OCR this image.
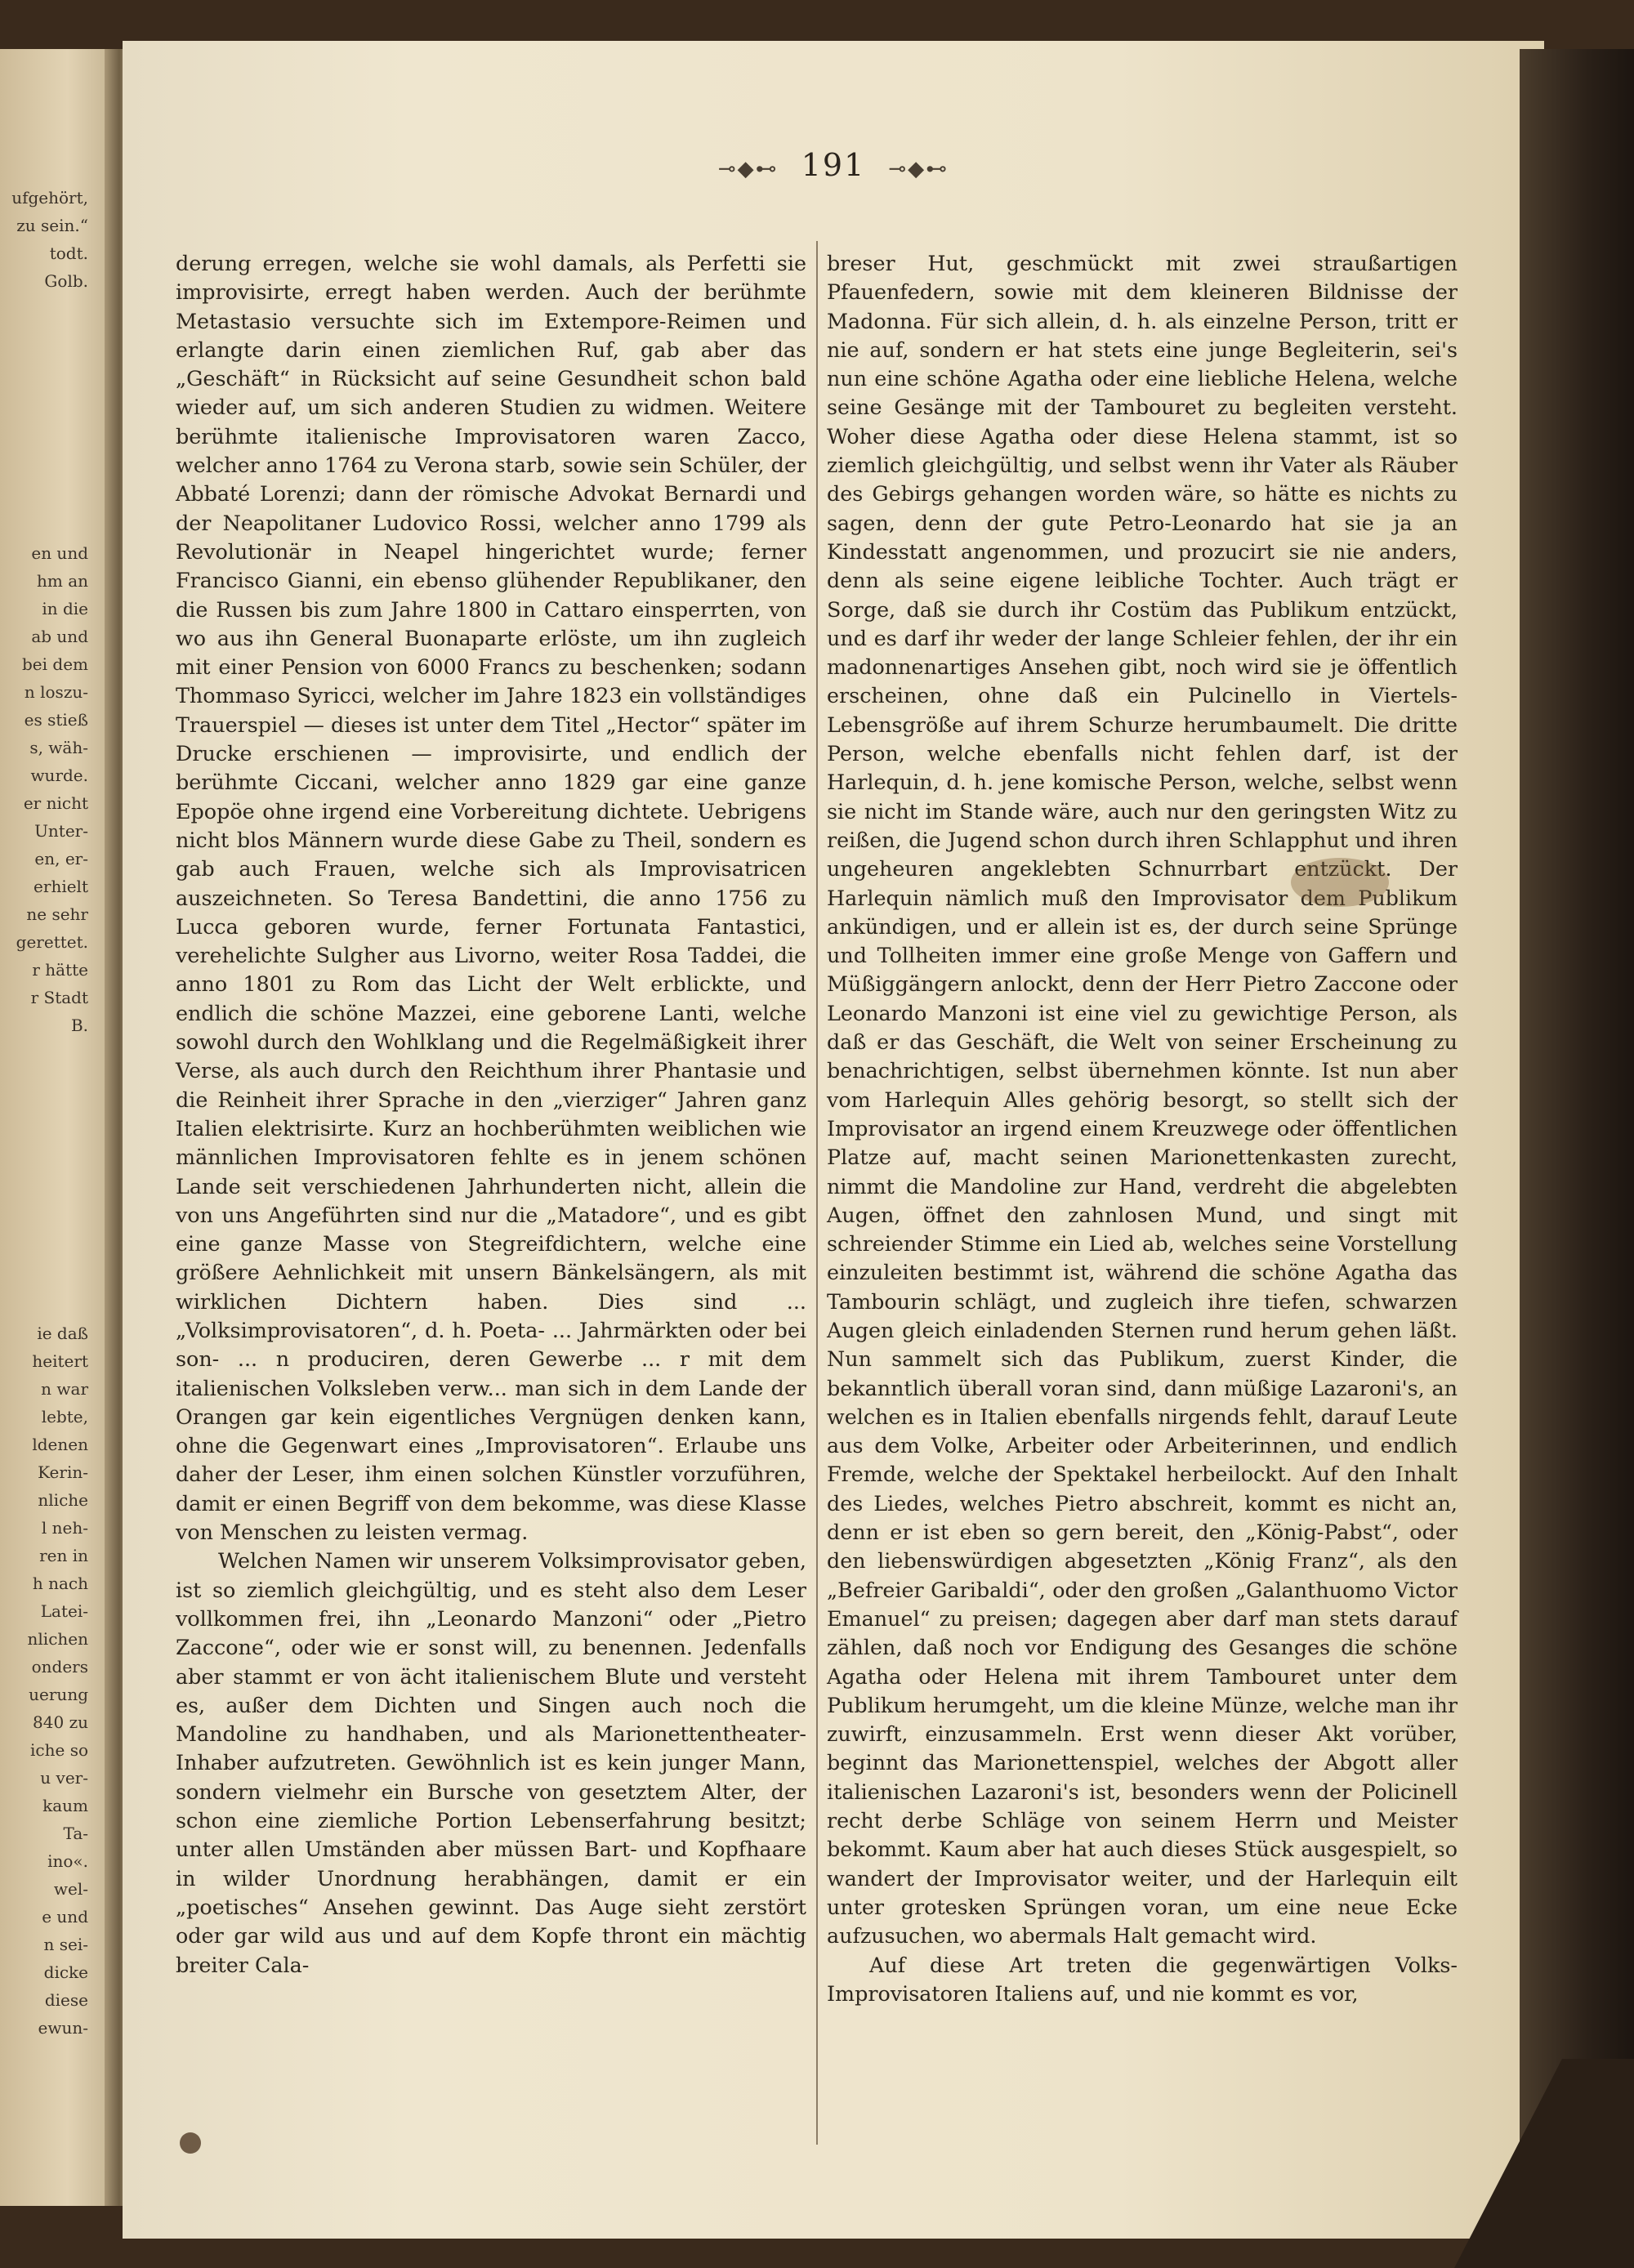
ufgehört,
zu sein.“
todt.
Golb.
en und
hm an
in die
ab und
bei dem
n loszu-
es stieß
s, wäh-
wurde.
er nicht
Unter-
en, er-
erhielt
ne sehr
gerettet.
r hätte
r Stadt
B.
ie daß
heitert
n war
lebte,
ldenen
Kerin-
nliche
l neh-
ren in
h nach
Latei-
nlichen
onders
uerung
840 zu
iche so
u ver-
kaum
Ta-
ino«.
wel-
e und
n sei-
dicke
diese
ewun-
⊸◆⊷ 191 ⊸◆⊷

derung erregen, welche sie wohl damals, als Perfetti sie improvisirte, erregt haben werden. Auch der berühmte Metastasio versuchte sich im Extempore-Reimen und erlangte darin einen ziemlichen Ruf, gab aber das „Geschäft“ in Rücksicht auf seine Gesundheit schon bald wieder auf, um sich anderen Studien zu widmen. Weitere berühmte italienische Improvisatoren waren Zacco, welcher anno 1764 zu Verona starb, sowie sein Schüler, der Abbaté Lorenzi; dann der römische Advokat Bernardi und der Neapolitaner Ludovico Rossi, welcher anno 1799 als Revolutionär in Neapel hingerichtet wurde; ferner Francisco Gianni, ein ebenso glühender Republikaner, den die Russen bis zum Jahre 1800 in Cattaro einsperrten, von wo aus ihn General Buonaparte erlöste, um ihn zugleich mit einer Pension von 6000 Francs zu beschenken; sodann Thommaso Syricci, welcher im Jahre 1823 ein vollständiges Trauerspiel — dieses ist unter dem Titel „Hector“ später im Drucke erschienen — improvisirte, und endlich der berühmte Ciccani, welcher anno 1829 gar eine ganze Epopöe ohne irgend eine Vorbereitung dichtete. Uebrigens nicht blos Männern wurde diese Gabe zu Theil, sondern es gab auch Frauen, welche sich als Improvisatricen auszeichneten. So Teresa Bandettini, die anno 1756 zu Lucca geboren wurde, ferner Fortunata Fantastici, verehelichte Sulgher aus Livorno, weiter Rosa Taddei, die anno 1801 zu Rom das Licht der Welt erblickte, und endlich die schöne Mazzei, eine geborene Lanti, welche sowohl durch den Wohlklang und die Regelmäßigkeit ihrer Verse, als auch durch den Reichthum ihrer Phantasie und die Reinheit ihrer Sprache in den „vierziger“ Jahren ganz Italien elektrisirte. Kurz an hochberühmten weiblichen wie männlichen Improvisatoren fehlte es in jenem schönen Lande seit verschiedenen Jahrhunderten nicht, allein die von uns Angeführten sind nur die „Matadore“, und es gibt eine ganze Masse von Stegreifdichtern, welche eine größere Aehnlichkeit mit unsern Bänkelsängern, als mit wirklichen Dichtern haben. Dies sind ... „Volksimprovisatoren“, d. h. Poeta- ... Jahrmärkten oder bei son- ... n produciren, deren Gewerbe ... r mit dem italienischen Volksleben verw... man sich in dem Lande der Orangen gar kein eigentliches Vergnügen denken kann, ohne die Gegenwart eines „Improvisatoren“. Erlaube uns daher der Leser, ihm einen solchen Künstler vorzuführen, damit er einen Begriff von dem bekomme, was diese Klasse von Menschen zu leisten vermag.

Welchen Namen wir unserem Volksimprovisator geben, ist so ziemlich gleichgültig, und es steht also dem Leser vollkommen frei, ihn „Leonardo Manzoni“ oder „Pietro Zaccone“, oder wie er sonst will, zu benennen. Jedenfalls aber stammt er von ächt italienischem Blute und versteht es, außer dem Dichten und Singen auch noch die Mandoline zu handhaben, und als Marionettentheater-Inhaber aufzutreten. Gewöhnlich ist es kein junger Mann, sondern vielmehr ein Bursche von gesetztem Alter, der schon eine ziemliche Portion Lebenserfahrung besitzt; unter allen Umständen aber müssen Bart- und Kopfhaare in wilder Unordnung herabhängen, damit er ein „poetisches“ Ansehen gewinnt. Das Auge sieht zerstört oder gar wild aus und auf dem Kopfe thront ein mächtig breiter Cala-

breser Hut, geschmückt mit zwei straußartigen Pfauenfedern, sowie mit dem kleineren Bildnisse der Madonna. Für sich allein, d. h. als einzelne Person, tritt er nie auf, sondern er hat stets eine junge Begleiterin, sei's nun eine schöne Agatha oder eine liebliche Helena, welche seine Gesänge mit der Tambouret zu begleiten versteht. Woher diese Agatha oder diese Helena stammt, ist so ziemlich gleichgültig, und selbst wenn ihr Vater als Räuber des Gebirgs gehangen worden wäre, so hätte es nichts zu sagen, denn der gute Petro-Leonardo hat sie ja an Kindesstatt angenommen, und prozucirt sie nie anders, denn als seine eigene leibliche Tochter. Auch trägt er Sorge, daß sie durch ihr Costüm das Publikum entzückt, und es darf ihr weder der lange Schleier fehlen, der ihr ein madonnenartiges Ansehen gibt, noch wird sie je öffentlich erscheinen, ohne daß ein Pulcinello in Viertels-Lebensgröße auf ihrem Schurze herumbaumelt. Die dritte Person, welche ebenfalls nicht fehlen darf, ist der Harlequin, d. h. jene komische Person, welche, selbst wenn sie nicht im Stande wäre, auch nur den geringsten Witz zu reißen, die Jugend schon durch ihren Schlapphut und ihren ungeheuren angeklebten Schnurrbart entzückt. Der Harlequin nämlich muß den Improvisator dem Publikum ankündigen, und er allein ist es, der durch seine Sprünge und Tollheiten immer eine große Menge von Gaffern und Müßiggängern anlockt, denn der Herr Pietro Zaccone oder Leonardo Manzoni ist eine viel zu gewichtige Person, als daß er das Geschäft, die Welt von seiner Erscheinung zu benachrichtigen, selbst übernehmen könnte. Ist nun aber vom Harlequin Alles gehörig besorgt, so stellt sich der Improvisator an irgend einem Kreuzwege oder öffentlichen Platze auf, macht seinen Marionettenkasten zurecht, nimmt die Mandoline zur Hand, verdreht die abgelebten Augen, öffnet den zahnlosen Mund, und singt mit schreiender Stimme ein Lied ab, welches seine Vorstellung einzuleiten bestimmt ist, während die schöne Agatha das Tambourin schlägt, und zugleich ihre tiefen, schwarzen Augen gleich einladenden Sternen rund herum gehen läßt. Nun sammelt sich das Publikum, zuerst Kinder, die bekanntlich überall voran sind, dann müßige Lazaroni's, an welchen es in Italien ebenfalls nirgends fehlt, darauf Leute aus dem Volke, Arbeiter oder Arbeiterinnen, und endlich Fremde, welche der Spektakel herbeilockt. Auf den Inhalt des Liedes, welches Pietro abschreit, kommt es nicht an, denn er ist eben so gern bereit, den „König-Pabst“, oder den liebenswürdigen abgesetzten „König Franz“, als den „Befreier Garibaldi“, oder den großen „Galanthuomo Victor Emanuel“ zu preisen; dagegen aber darf man stets darauf zählen, daß noch vor Endigung des Gesanges die schöne Agatha oder Helena mit ihrem Tambouret unter dem Publikum herumgeht, um die kleine Münze, welche man ihr zuwirft, einzusammeln. Erst wenn dieser Akt vorüber, beginnt das Marionettenspiel, welches der Abgott aller italienischen Lazaroni's ist, besonders wenn der Policinell recht derbe Schläge von seinem Herrn und Meister bekommt. Kaum aber hat auch dieses Stück ausgespielt, so wandert der Improvisator weiter, und der Harlequin eilt unter grotesken Sprüngen voran, um eine neue Ecke aufzusuchen, wo abermals Halt gemacht wird.

Auf diese Art treten die gegenwärtigen Volks-Improvisatoren Italiens auf, und nie kommt es vor,
